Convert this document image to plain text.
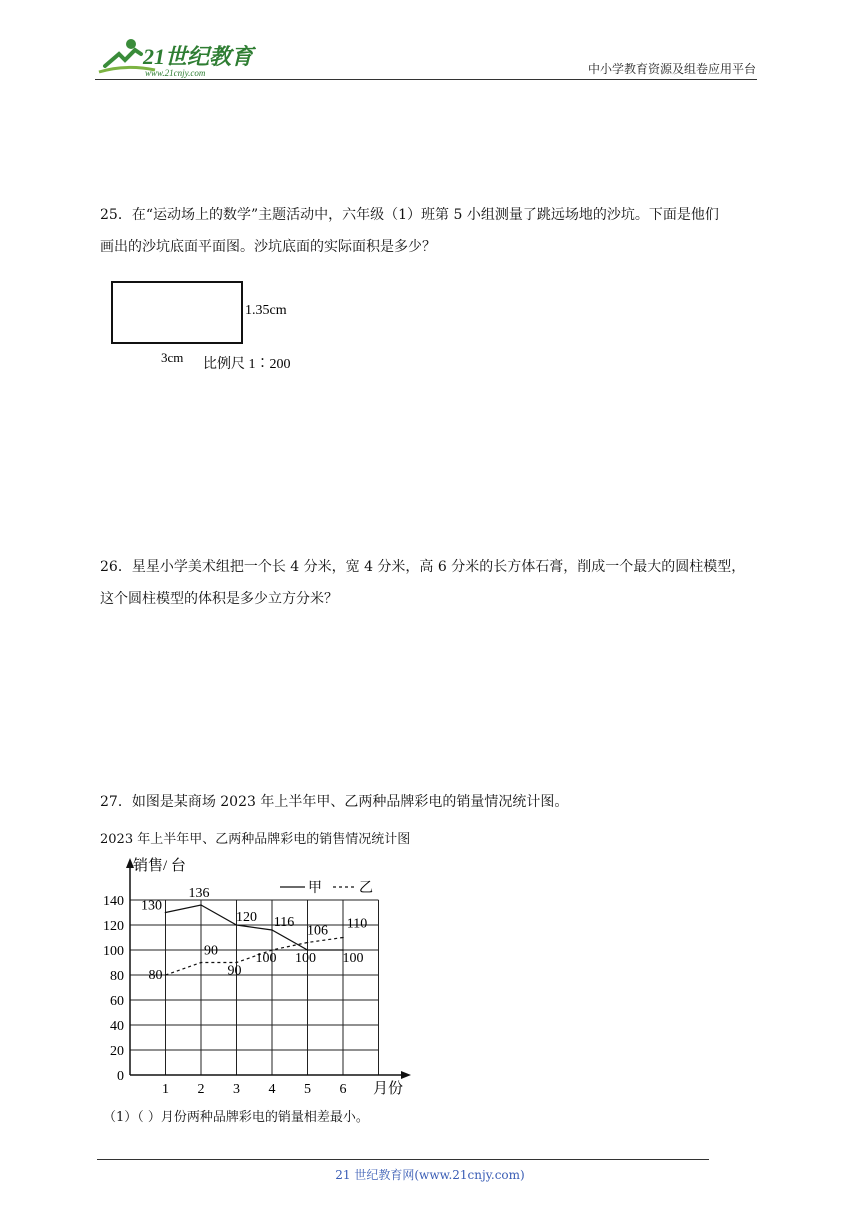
21世纪教育
www.21cnjy.com	中小学教育资源及组卷应用平台
25．在“运动场上的数学”主题活动中，六年级（1）班第 5 小组测量了跳远场地的沙坑。下面是他们
画出的沙坑底面平面图。沙坑底面的实际面积是多少？
1.35cm
3cm 比例尺 1∶200
26．星星小学美术组把一个长 4 分米，宽 4 分米，高 6 分米的长方体石膏，削成一个最大的圆柱模型，
这个圆柱模型的体积是多少立方分米？
27．如图是某商场 2023 年上半年甲、乙两种品牌彩电的销量情况统计图。
2023 年上半年甲、乙两种品牌彩电的销售情况统计图
0
20
40
60
80
100
120
140
1 2 3 4 5 6
130
136
120 116
100 100
80
90
90
100
106 110
甲	乙
销售/ 台
月份
（1）（ ）月份两种品牌彩电的销量相差最小。
21 世纪教育网(www.21cnjy.com)
